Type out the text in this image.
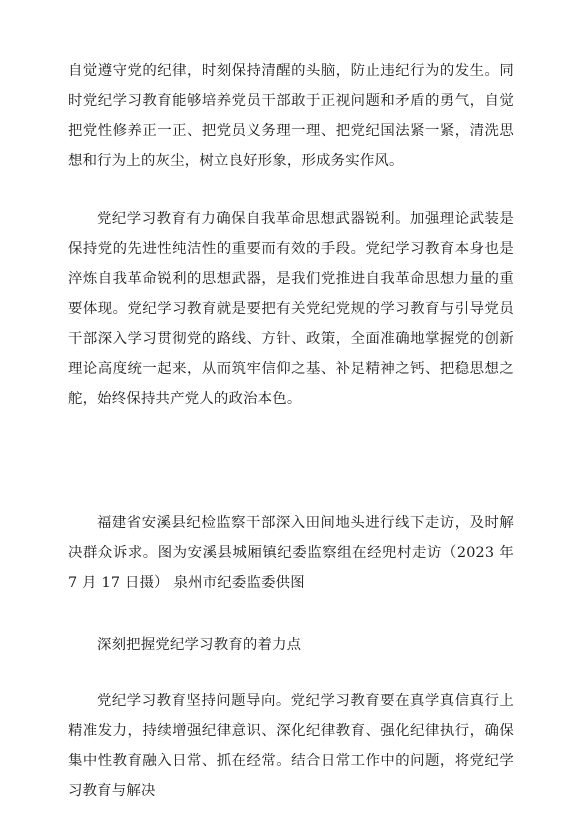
自觉遵守党的纪律，时刻保持清醒的头脑，防止违纪行为的发生。同时党纪学习教育能够培养党员干部敢于正视问题和矛盾的勇气，自觉把党性修养正一正、把党员义务理一理、把党纪国法紧一紧，清洗思想和行为上的灰尘，树立良好形象，形成务实作风。

党纪学习教育有力确保自我革命思想武器锐利。加强理论武装是保持党的先进性纯洁性的重要而有效的手段。党纪学习教育本身也是淬炼自我革命锐利的思想武器，是我们党推进自我革命思想力量的重要体现。党纪学习教育就是要把有关党纪党规的学习教育与引导党员干部深入学习贯彻党的路线、方针、政策，全面准确地掌握党的创新理论高度统一起来，从而筑牢信仰之基、补足精神之钙、把稳思想之舵，始终保持共产党人的政治本色。

福建省安溪县纪检监察干部深入田间地头进行线下走访，及时解决群众诉求。图为安溪县城厢镇纪委监察组在经兜村走访（2023 年 7 月 17 日摄） 泉州市纪委监委供图

深刻把握党纪学习教育的着力点

党纪学习教育坚持问题导向。党纪学习教育要在真学真信真行上精准发力，持续增强纪律意识、深化纪律教育、强化纪律执行，确保集中性教育融入日常、抓在经常。结合日常工作中的问题，将党纪学习教育与解决
